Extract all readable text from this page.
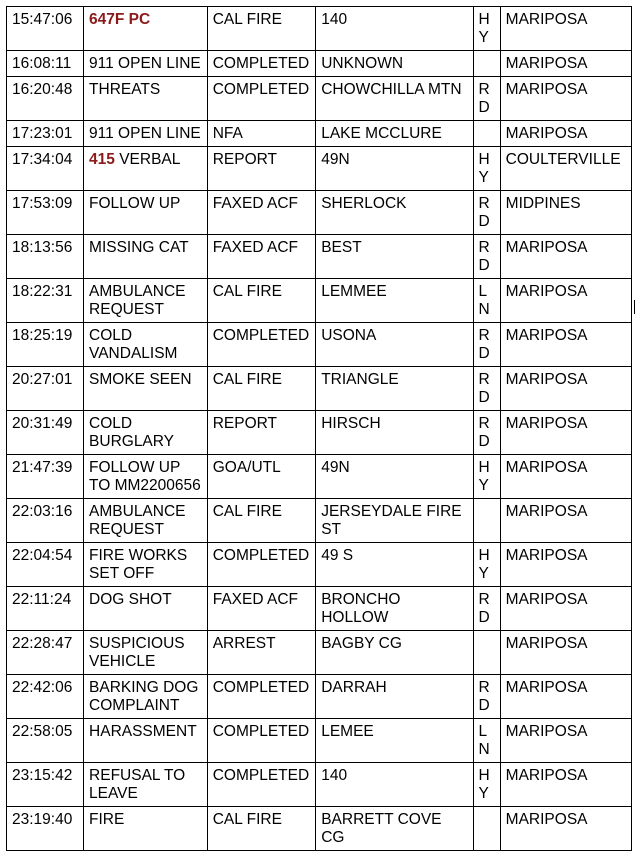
15:47:06	647F PC	CAL FIRE	140	HY	MARIPOSA
16:08:11	911 OPEN LINE	COMPLETED	UNKNOWN		MARIPOSA
16:20:48	THREATS	COMPLETED	CHOWCHILLA MTN	RD	MARIPOSA
17:23:01	911 OPEN LINE	NFA	LAKE MCCLURE		MARIPOSA
17:34:04	415 VERBAL	REPORT	49N	HY	COULTERVILLE
17:53:09	FOLLOW UP	FAXED ACF	SHERLOCK	RD	MIDPINES
18:13:56	MISSING CAT	FAXED ACF	BEST	RD	MARIPOSA
18:22:31	AMBULANCE REQUEST	CAL FIRE	LEMMEE	LN	MARIPOSA
18:25:19	COLD VANDALISM	COMPLETED	USONA	RD	MARIPOSA
20:27:01	SMOKE SEEN	CAL FIRE	TRIANGLE	RD	MARIPOSA
20:31:49	COLD BURGLARY	REPORT	HIRSCH	RD	MARIPOSA
21:47:39	FOLLOW UP TO MM2200656	GOA/UTL	49N	HY	MARIPOSA
22:03:16	AMBULANCE REQUEST	CAL FIRE	JERSEYDALE FIRE ST		MARIPOSA
22:04:54	FIRE WORKS SET OFF	COMPLETED	49 S	HY	MARIPOSA
22:11:24	DOG SHOT	FAXED ACF	BRONCHO HOLLOW	RD	MARIPOSA
22:28:47	SUSPICIOUS VEHICLE	ARREST	BAGBY CG		MARIPOSA
22:42:06	BARKING DOG COMPLAINT	COMPLETED	DARRAH	RD	MARIPOSA
22:58:05	HARASSMENT	COMPLETED	LEMEE	LN	MARIPOSA
23:15:42	REFUSAL TO LEAVE	COMPLETED	140	HY	MARIPOSA
23:19:40	FIRE	CAL FIRE	BARRETT COVE CG		MARIPOSA
